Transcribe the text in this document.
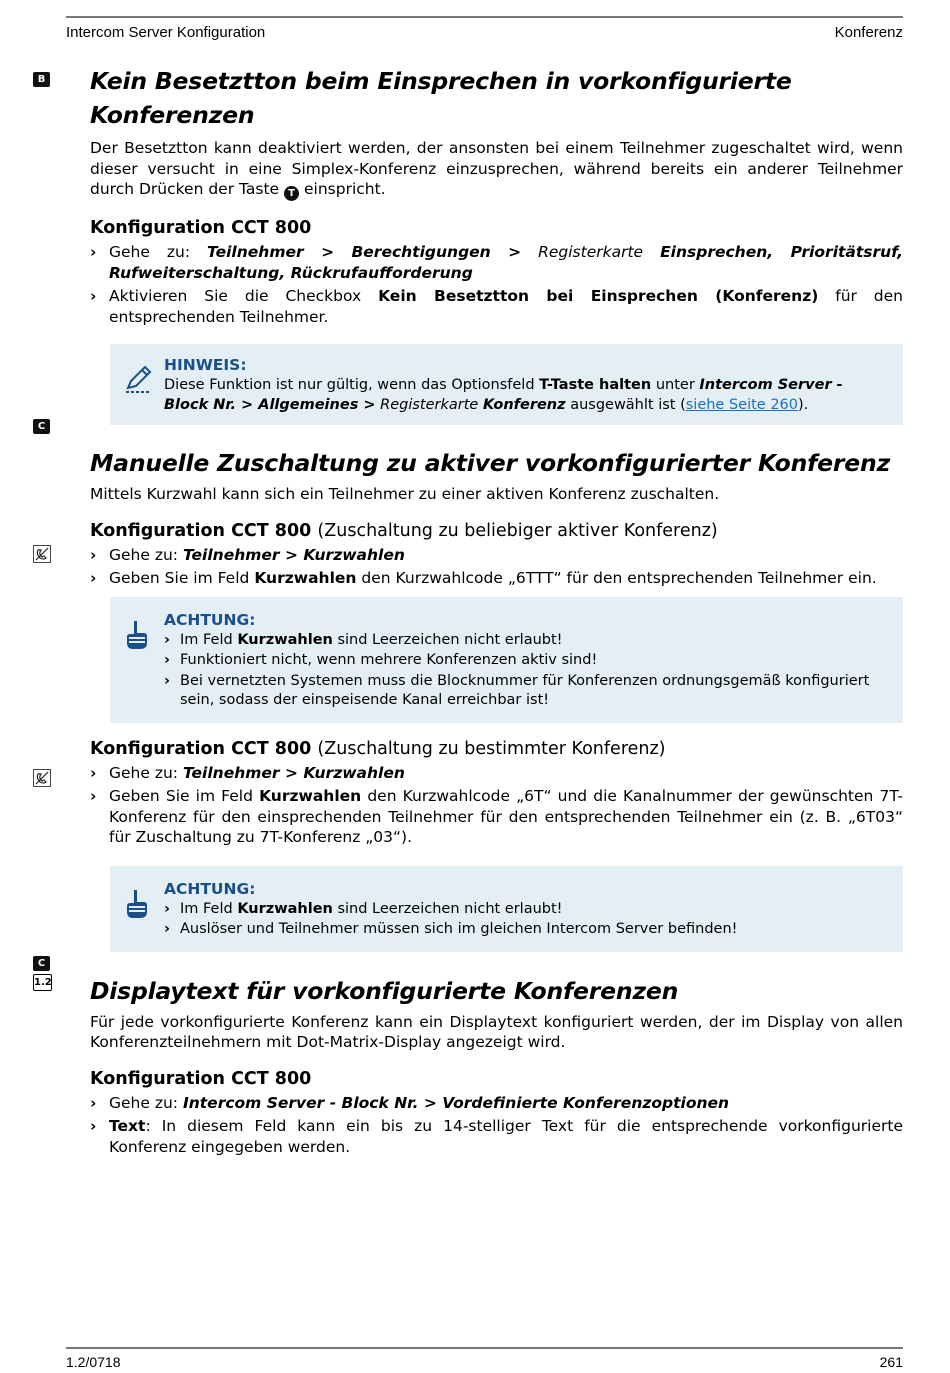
Intercom Server Konfiguration	Konferenz
B
C
C
1.2
Kein Besetztton beim Einsprechen in vorkonfigurierte Konferenzen

Der Besetztton kann deaktiviert werden, der ansonsten bei einem Teilnehmer zugeschaltet wird, wenn dieser versucht in eine Simplex-Konferenz einzusprechen, während bereits ein anderer Teilnehmer durch Drücken der Taste T einspricht.

Konfiguration CCT 800
› Gehe zu: Teilnehmer > Berechtigungen > Registerkarte Einsprechen, Prioritätsruf, Rufweiterschaltung, Rückrufaufforderung
› Aktivieren Sie die Checkbox Kein Besetztton bei Einsprechen (Konferenz) für den entsprechenden Teilnehmer.
HINWEIS:
Diese Funktion ist nur gültig, wenn das Optionsfeld T-Taste halten unter Intercom Server - Block Nr. > Allgemeines > Registerkarte Konferenz ausgewählt ist (siehe Seite 260).
Manuelle Zuschaltung zu aktiver vorkonfigurierter Konferenz

Mittels Kurzwahl kann sich ein Teilnehmer zu einer aktiven Konferenz zuschalten.

Konfiguration CCT 800 (Zuschaltung zu beliebiger aktiver Konferenz)
› Gehe zu: Teilnehmer > Kurzwahlen
› Geben Sie im Feld Kurzwahlen den Kurzwahlcode „6TTT“ für den entsprechenden Teilnehmer ein.
ACHTUNG:
› Im Feld Kurzwahlen sind Leerzeichen nicht erlaubt!
› Funktioniert nicht, wenn mehrere Konferenzen aktiv sind!
› Bei vernetzten Systemen muss die Blocknummer für Konferenzen ordnungsgemäß konfiguriert sein, sodass der einspeisende Kanal erreichbar ist!
Konfiguration CCT 800 (Zuschaltung zu bestimmter Konferenz)
› Gehe zu: Teilnehmer > Kurzwahlen
› Geben Sie im Feld Kurzwahlen den Kurzwahlcode „6T“ und die Kanalnummer der gewünschten 7T-Konferenz für den einsprechenden Teilnehmer für den entsprechenden Teilnehmer ein (z. B. „6T03“ für Zuschaltung zu 7T-Konferenz „03“).
ACHTUNG:
› Im Feld Kurzwahlen sind Leerzeichen nicht erlaubt!
› Auslöser und Teilnehmer müssen sich im gleichen Intercom Server befinden!
Displaytext für vorkonfigurierte Konferenzen

Für jede vorkonfigurierte Konferenz kann ein Displaytext konfiguriert werden, der im Display von allen Konferenzteilnehmern mit Dot-Matrix-Display angezeigt wird.

Konfiguration CCT 800
› Gehe zu: Intercom Server - Block Nr. > Vordefinierte Konferenzoptionen
› Text: In diesem Feld kann ein bis zu 14-stelliger Text für die entsprechende vorkonfigurierte Konferenz eingegeben werden.
1.2/0718	261
